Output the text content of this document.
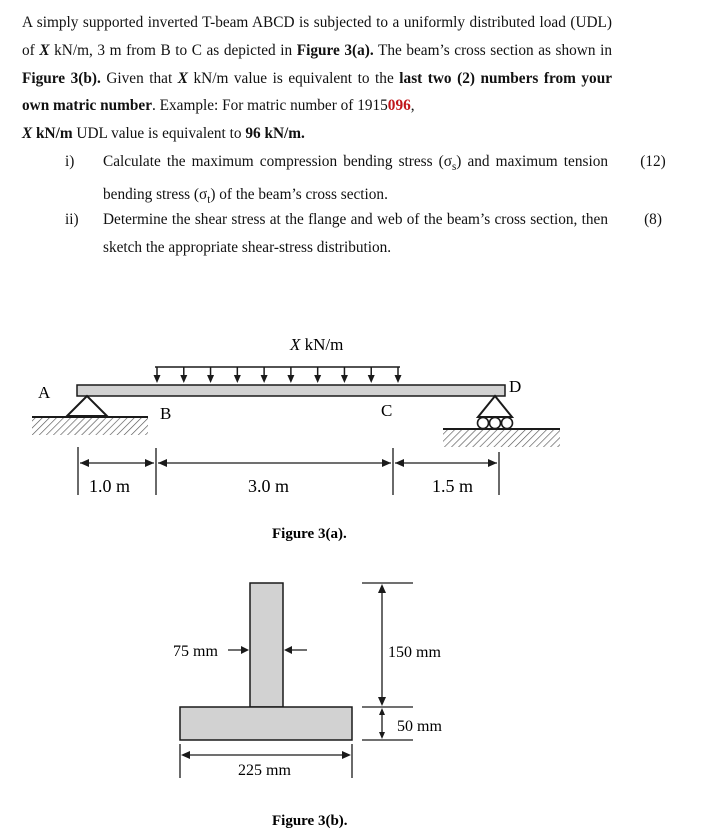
A simply supported inverted T-beam ABCD is subjected to a uniformly distributed load (UDL) of X kN/m, 3 m from B to C as depicted in Figure 3(a). The beam’s cross section as shown in Figure 3(b). Given that X kN/m value is equivalent to the last two (2) numbers from your own matric number. Example: For matric number of 1915096,
X kN/m UDL value is equivalent to 96 kN/m.
i) Calculate the maximum compression bending stress $(\sigma_s)$ and maximum tension bending stress $(\sigma_t)$ of the beam’s cross section.
(12)
ii) Determine the shear stress at the flange and web of the beam’s cross section, then sketch the appropriate shear-stress distribution.
(8)
X kN/m
A
B	C
D
1.0 m	3.0 m	1.5 m
Figure 3(a).
75 mm	150 mm
50 mm
225 mm
Figure 3(b).
